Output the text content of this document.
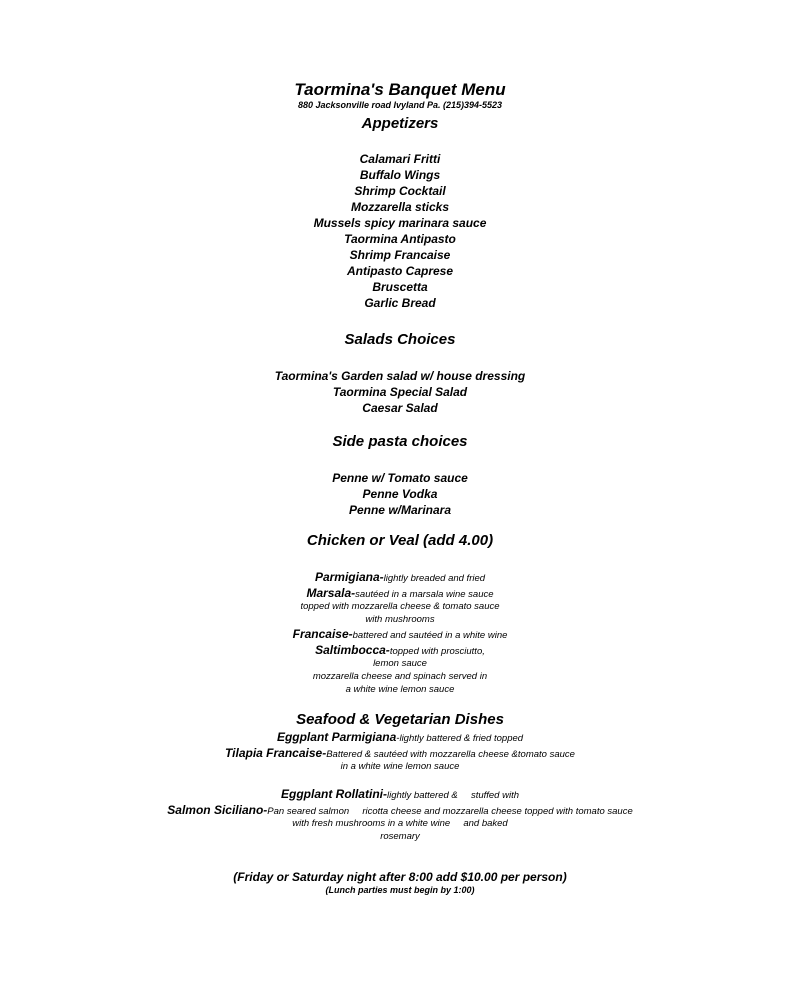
Taormina's Banquet Menu
880 Jacksonville road Ivyland Pa. (215)394-5523
Appetizers
Calamari Fritti
Buffalo Wings
Shrimp Cocktail
Mozzarella sticks
Mussels spicy marinara sauce
Taormina Antipasto
Shrimp Francaise
Antipasto Caprese
Bruscetta
Garlic Bread
Salads Choices
Taormina's Garden salad w/ house dressing
Taormina Special Salad
Caesar Salad
Side pasta choices
Penne w/ Tomato sauce
Penne Vodka
Penne w/Marinara
Chicken or Veal (add 4.00)
Parmigiana-lightly breaded and fried
Marsala-sautéed in a marsala wine sauce
topped with mozzarella cheese & tomato sauce
with mushrooms
Francaise-battered and sautéed in a white wine
Saltimbocca-topped with prosciutto,
lemon sauce
mozzarella cheese and spinach served in
a white wine lemon sauce
Seafood & Vegetarian Dishes
Eggplant Parmigiana-lightly battered & fried topped
Tilapia Francaise-Battered & sautéed with mozzarella cheese &tomato sauce
in a white wine lemon sauce
Eggplant Rollatini-lightly battered &     stuffed with
Salmon Siciliano-Pan seared salmon     ricotta cheese and mozzarella cheese topped with tomato sauce
with fresh mushrooms in a white wine     and baked
rosemary
(Friday or Saturday night after 8:00 add $10.00 per person)
(Lunch parties must begin by 1:00)
